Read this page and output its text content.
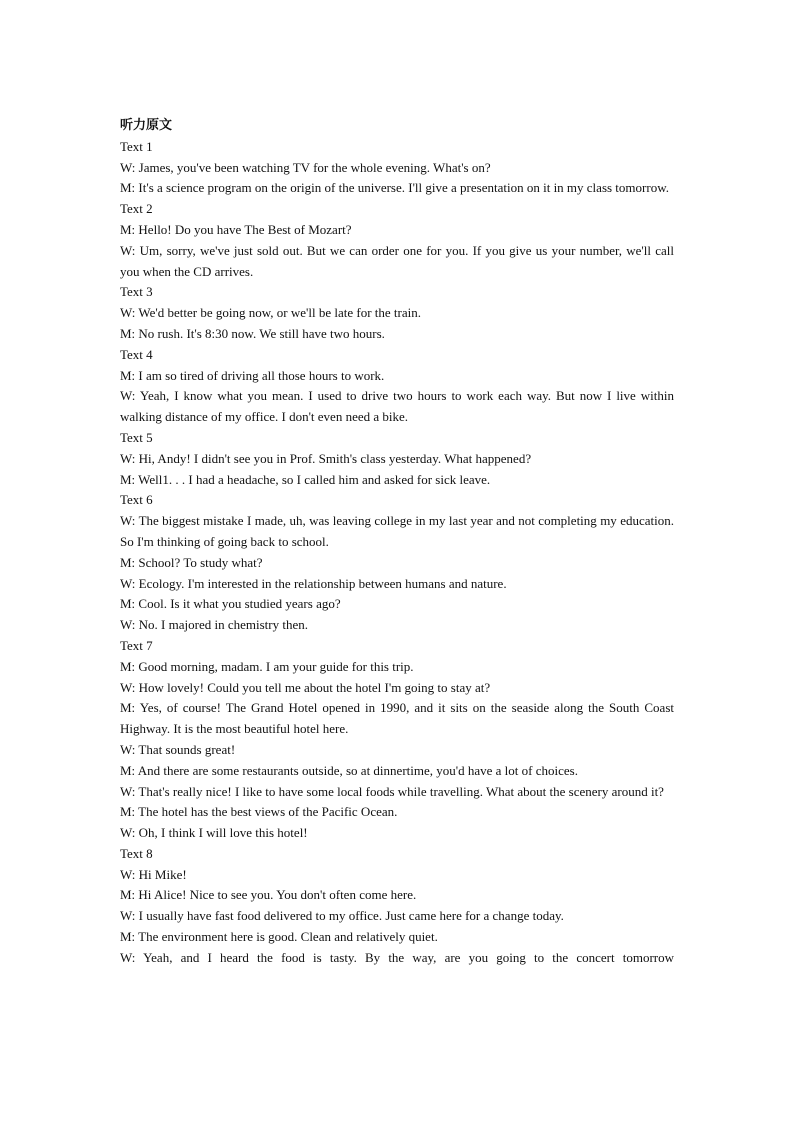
听力原文

Text 1

W: James, you've been watching TV for the whole evening. What's on?

M: It's a science program on the origin of the universe. I'll give a presentation on it in my class tomorrow.

Text 2

M: Hello! Do you have The Best of Mozart?

W: Um, sorry, we've just sold out. But we can order one for you. If you give us your number, we'll call you when the CD arrives.

Text 3

W: We'd better be going now, or we'll be late for the train.

M: No rush. It's 8:30 now. We still have two hours.

Text 4

M: I am so tired of driving all those hours to work.

W: Yeah, I know what you mean. I used to drive two hours to work each way. But now I live within walking distance of my office. I don't even need a bike.

Text 5

W: Hi, Andy! I didn't see you in Prof. Smith's class yesterday. What happened?

M: Well1. . . I had a headache, so I called him and asked for sick leave.

Text 6

W: The biggest mistake I made, uh, was leaving college in my last year and not completing my education. So I'm thinking of going back to school.

M: School? To study what?

W: Ecology. I'm interested in the relationship between humans and nature.

M: Cool. Is it what you studied years ago?

W: No. I majored in chemistry then.

Text 7

M: Good morning, madam. I am your guide for this trip.

W: How lovely! Could you tell me about the hotel I'm going to stay at?

M: Yes, of course! The Grand Hotel opened in 1990, and it sits on the seaside along the South Coast Highway. It is the most beautiful hotel here.

W: That sounds great!

M: And there are some restaurants outside, so at dinnertime, you'd have a lot of choices.

W: That's really nice! I like to have some local foods while travelling. What about the scenery around it?

M: The hotel has the best views of the Pacific Ocean.

W: Oh, I think I will love this hotel!

Text 8

W: Hi Mike!

M: Hi Alice! Nice to see you. You don't often come here.

W: I usually have fast food delivered to my office. Just came here for a change today.

M: The environment here is good. Clean and relatively quiet.

W: Yeah, and I heard the food is tasty. By the way, are you going to the concert tomorrow
